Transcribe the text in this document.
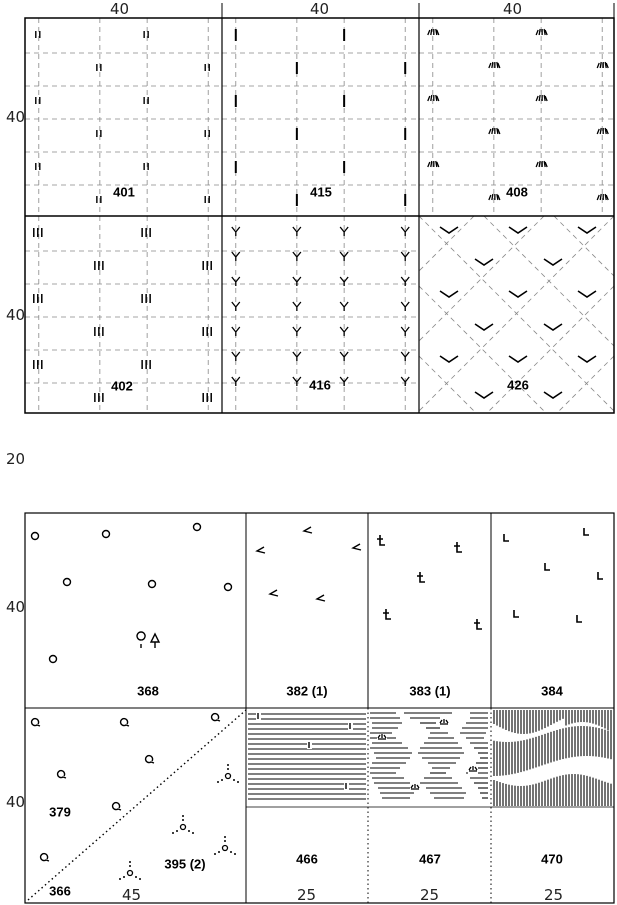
40	40	40
40
40
20
40
40
45	25	25	25
401	415	408
402	416	426
368	382 (1)	383 (1)	384
379
366
395 (2)	466	467	470
